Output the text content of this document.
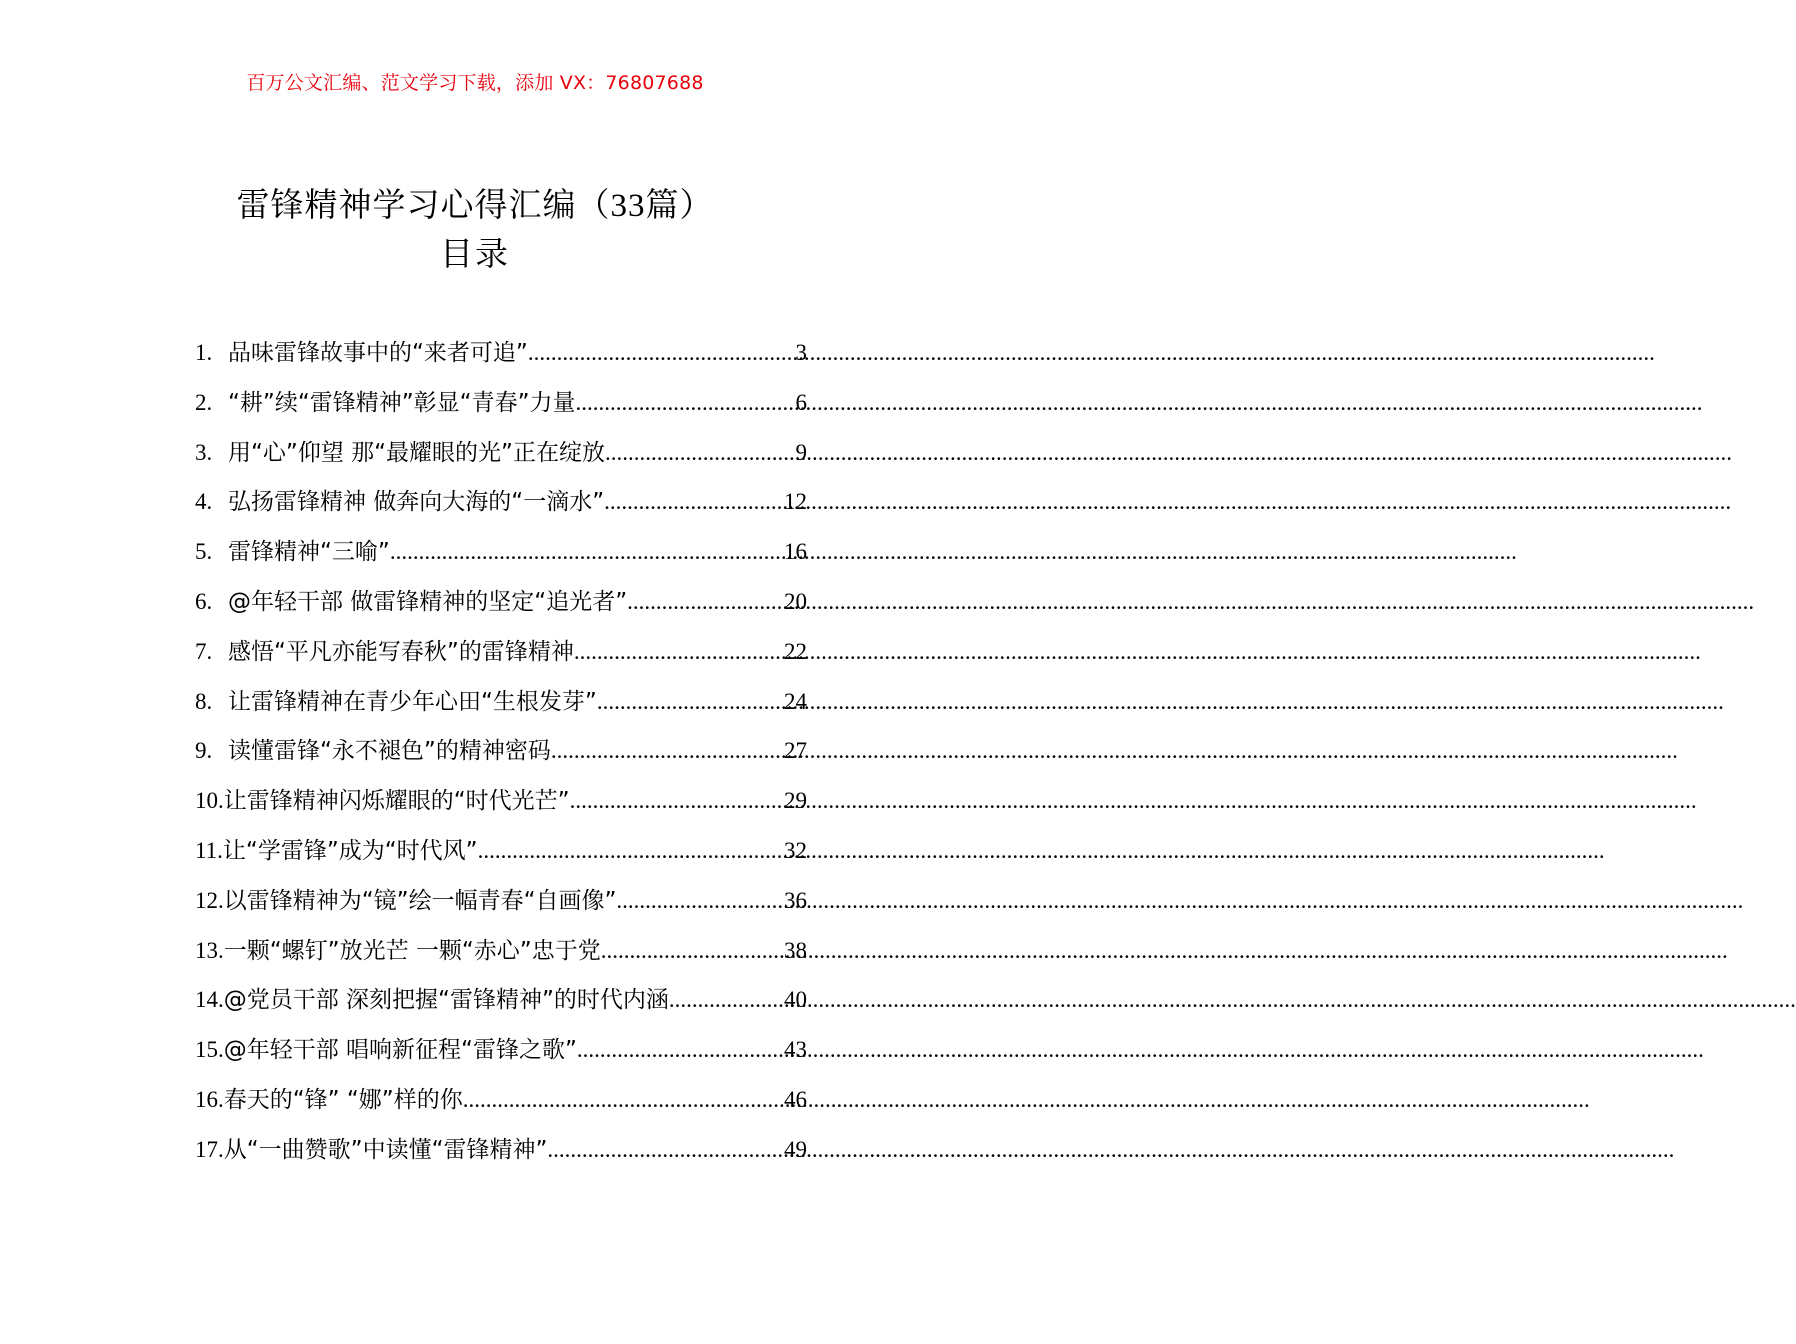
百万公文汇编、范文学习下载，添加 VX：76807688
雷锋精神学习心得汇编（33篇）
目录
1. 品味雷锋故事中的“来者可追” .....	3
2. “耕”续“雷锋精神”彰显“青春”力量 .....	6
3. 用“心”仰望 那“最耀眼的光”正在绽放 .....	9
4. 弘扬雷锋精神 做奔向大海的“一滴水” .....	12
5. 雷锋精神“三喻” .....	16
6. @年轻干部 做雷锋精神的坚定“追光者” .....	20
7. 感悟“平凡亦能写春秋”的雷锋精神 .....	22
8. 让雷锋精神在青少年心田“生根发芽” .....	24
9. 读懂雷锋“永不褪色”的精神密码 .....	27
10. 让雷锋精神闪烁耀眼的“时代光芒” .....	29
11. 让“学雷锋”成为“时代风” .....	32
12. 以雷锋精神为“镜”绘一幅青春“自画像” .....	36
13. 一颗“螺钉”放光芒 一颗“赤心”忠于党 .....	38
14. @党员干部 深刻把握“雷锋精神”的时代内涵 .....	40
15. @年轻干部 唱响新征程“雷锋之歌” .....	43
16. 春天的“锋” “娜”样的你 .....	46
17. 从“一曲赞歌”中读懂“雷锋精神” .....	49
